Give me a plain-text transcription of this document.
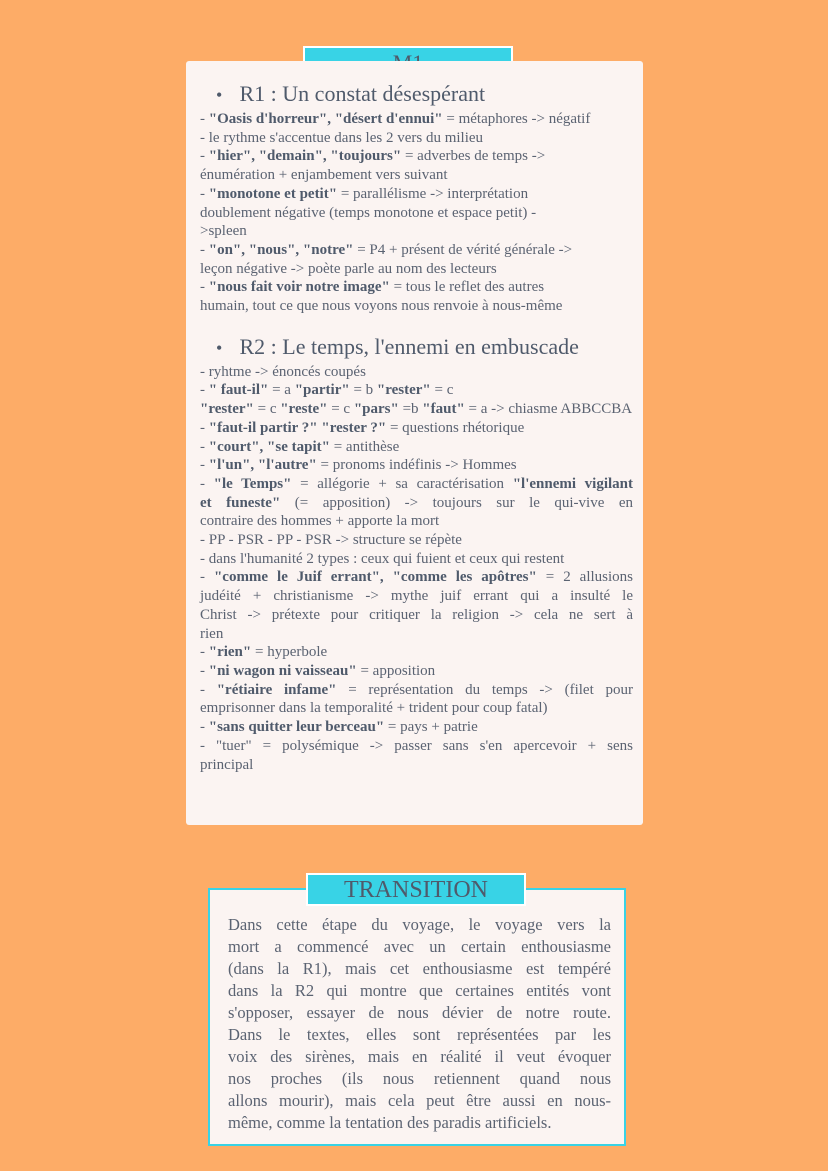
• R1 : Un constat désespérant
- "Oasis d'horreur", "désert d'ennui" = métaphores -> négatif
- le rythme s'accentue dans les 2 vers du milieu
- "hier", "demain", "toujours" = adverbes de temps ->
énumération + enjambement vers suivant
- "monotone et petit" = parallélisme -> interprétation
doublement négative (temps monotone et espace petit) -
>spleen
- "on", "nous", "notre" = P4 + présent de vérité générale ->
leçon négative -> poète parle au nom des lecteurs
- "nous fait voir notre image" = tous le reflet des autres
humain, tout ce que nous voyons nous renvoie à nous-même
• R2 : Le temps, l'ennemi en embuscade
- ryhtme -> énoncés coupés
- " faut-il" = a "partir" = b "rester" = c
"rester" = c "reste" = c "pars" =b "faut" = a -> chiasme ABBCCBA
- "faut-il partir ?" "rester ?" = questions rhétorique
- "court", "se tapit" = antithèse
- "l'un", "l'autre" = pronoms indéfinis -> Hommes
- "le Temps" = allégorie + sa caractérisation "l'ennemi vigilant
et funeste" (= apposition) -> toujours sur le qui-vive en
contraire des hommes + apporte la mort
- PP - PSR - PP - PSR -> structure se répète
- dans l'humanité 2 types : ceux qui fuient et ceux qui restent
- "comme le Juif errant", "comme les apôtres" = 2 allusions
judéité + christianisme -> mythe juif errant qui a insulté le
Christ -> prétexte pour critiquer la religion -> cela ne sert à
rien
- "rien" = hyperbole
- "ni wagon ni vaisseau" = apposition
- "rétiaire infame" = représentation du temps -> (filet pour
emprisonner dans la temporalité + trident pour coup fatal)
- "sans quitter leur berceau" = pays + patrie
- "tuer" = polysémique -> passer sans s'en apercevoir + sens
principal
Dans cette étape du voyage, le voyage vers la
mort a commencé avec un certain enthousiasme
(dans la R1), mais cet enthousiasme est tempéré
dans la R2 qui montre que certaines entités vont
s'opposer, essayer de nous dévier de notre route.
Dans le textes, elles sont représentées par les
voix des sirènes, mais en réalité il veut évoquer
nos proches (ils nous retiennent quand nous
allons mourir), mais cela peut être aussi en nous-
même, comme la tentation des paradis artificiels.
TRANSITION
